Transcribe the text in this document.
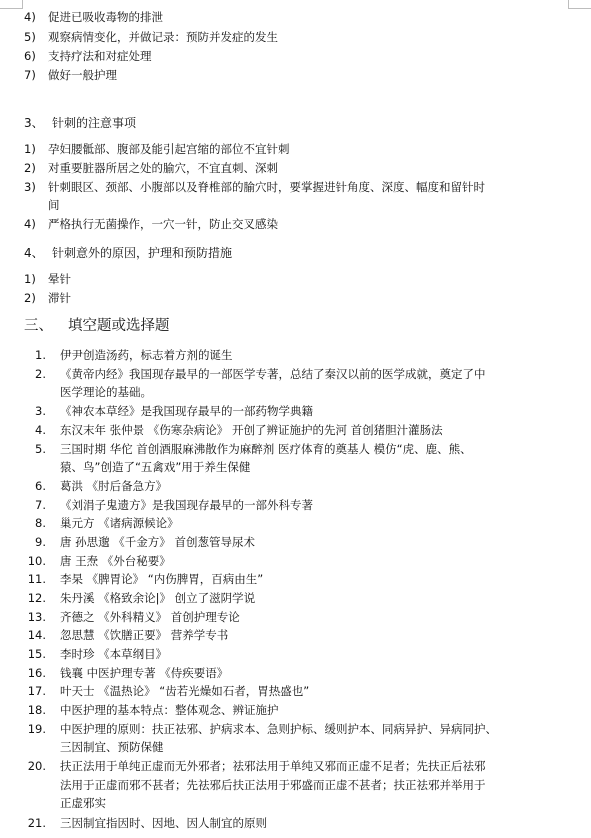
4)	促进已吸收毒物的排泄
5)	观察病情变化，并做记录：预防并发症的发生
6)	支持疗法和对症处理
7)	做好一般护理
3、 针刺的注意事项
1)	孕妇腰骶部、腹部及能引起宫缩的部位不宜针刺
2)	对重要脏器所居之处的腧穴，不宜直刺、深刺
3)	针刺眼区、颈部、小腹部以及脊椎部的腧穴时，要掌握进针角度、深度、幅度和留针时
间
4)	严格执行无菌操作，一穴一针，防止交叉感染
4、 针刺意外的原因，护理和预防措施
1)	晕针
2)	滞针
三、 填空题或选择题
1. 伊尹创造汤药，标志着方剂的诞生
2. 《黄帝内经》我国现存最早的一部医学专著，总结了秦汉以前的医学成就，奠定了中
医学理论的基础。
3. 《神农本草经》是我国现存最早的一部药物学典籍
4. 东汉末年 张仲景 《伤寒杂病论》 开创了辨证施护的先河 首创猪胆汁灌肠法
5. 三国时期 华佗 首创酒服麻沸散作为麻醉剂 医疗体育的奠基人 模仿“虎、鹿、熊、
猿、鸟”创造了“五禽戏”用于养生保健
6. 葛洪 《肘后备急方》
7. 《刘涓子鬼遗方》是我国现存最早的一部外科专著
8. 巢元方 《诸病源候论》
9. 唐 孙思邈 《千金方》 首创葱管导尿术
10. 唐 王焘 《外台秘要》
11. 李杲 《脾胃论》 “内伤脾胃，百病由生”
12. 朱丹溪 《格致余论|》 创立了滋阴学说
13. 齐德之 《外科精义》 首创护理专论
14. 忽思慧 《饮膳正要》 营养学专书
15. 李时珍 《本草纲目》
16. 钱襄 中医护理专著 《侍疾要语》
17. 叶天士 《温热论》 “齿若光燥如石者，胃热盛也”
18. 中医护理的基本特点：整体观念、辨证施护
19. 中医护理的原则：扶正祛邪、护病求本、急则护标、缓则护本、同病异护、异病同护、
三因制宜、预防保健
20. 扶正法用于单纯正虚而无外邪者；祛邪法用于单纯又邪而正虚不足者；先扶正后祛邪
法用于正虚而邪不甚者；先祛邪后扶正法用于邪盛而正虚不甚者；扶正祛邪并举用于
正虚邪实
21. 三因制宜指因时、因地、因人制宜的原则
